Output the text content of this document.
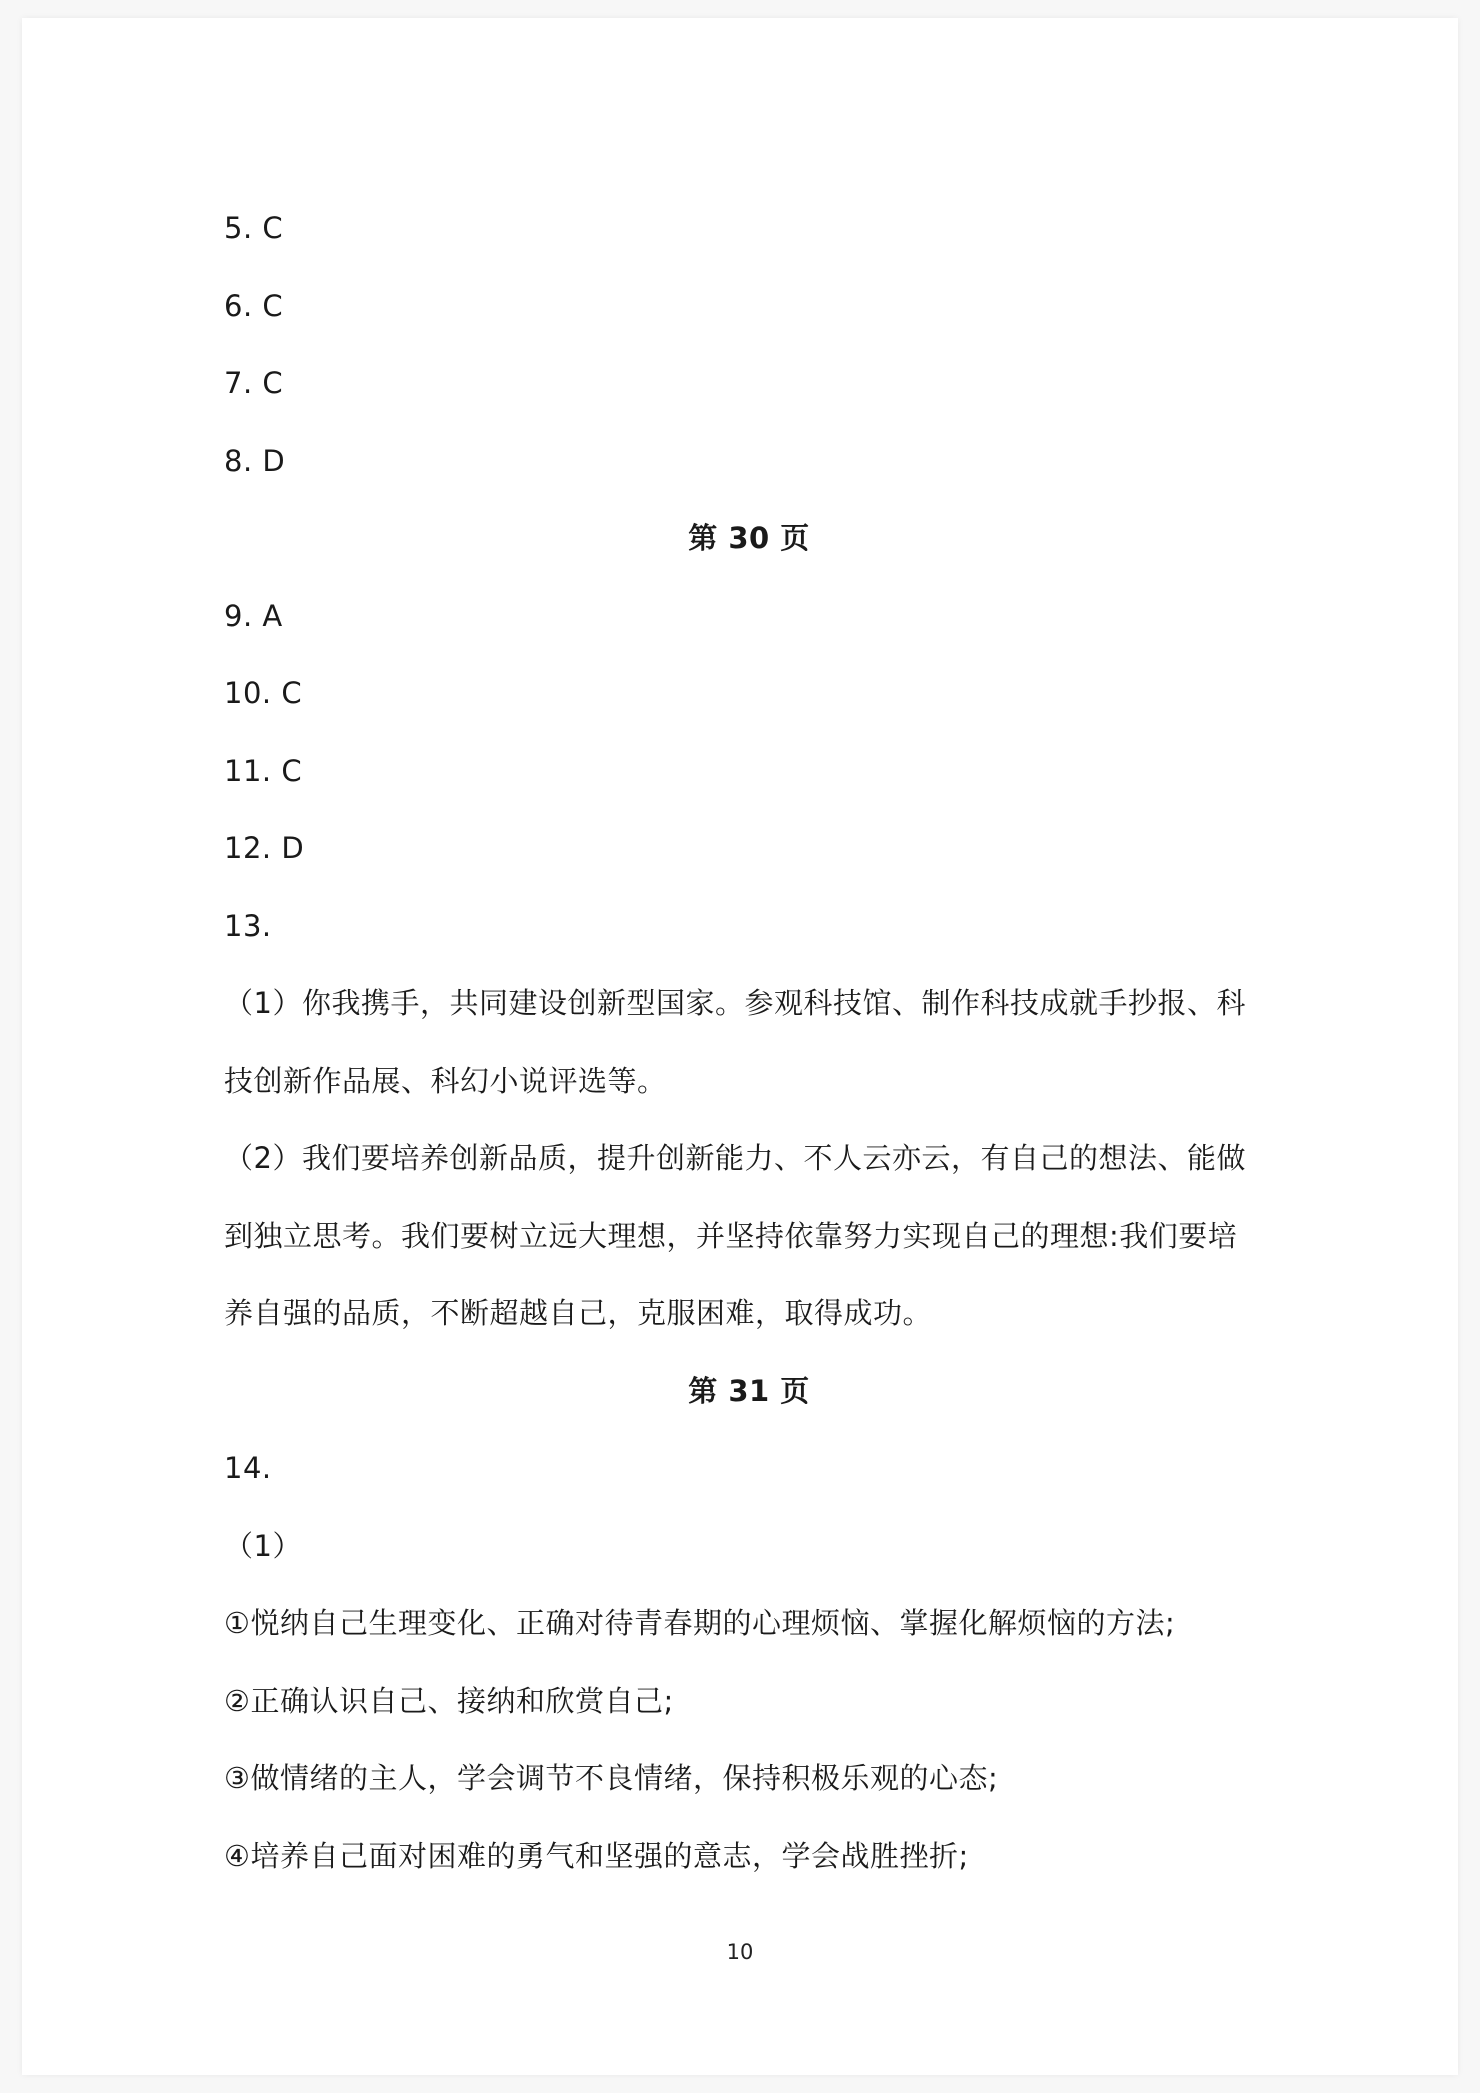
5. C
6. C
7. C
8. D
第 30 页
9. A
10. C
11. C
12. D
13.
（1）你我携手，共同建设创新型国家。参观科技馆、制作科技成就手抄报、科
技创新作品展、科幻小说评选等。
（2）我们要培养创新品质，提升创新能力、不人云亦云，有自己的想法、能做
到独立思考。我们要树立远大理想，并坚持依靠努力实现自己的理想:我们要培
养自强的品质，不断超越自己，克服困难，取得成功。
第 31 页
14.
（1）
①悦纳自己生理变化、正确对待青春期的心理烦恼、掌握化解烦恼的方法;
②正确认识自己、接纳和欣赏自己;
③做情绪的主人，学会调节不良情绪，保持积极乐观的心态;
④培养自己面对困难的勇气和坚强的意志，学会战胜挫折;
10
